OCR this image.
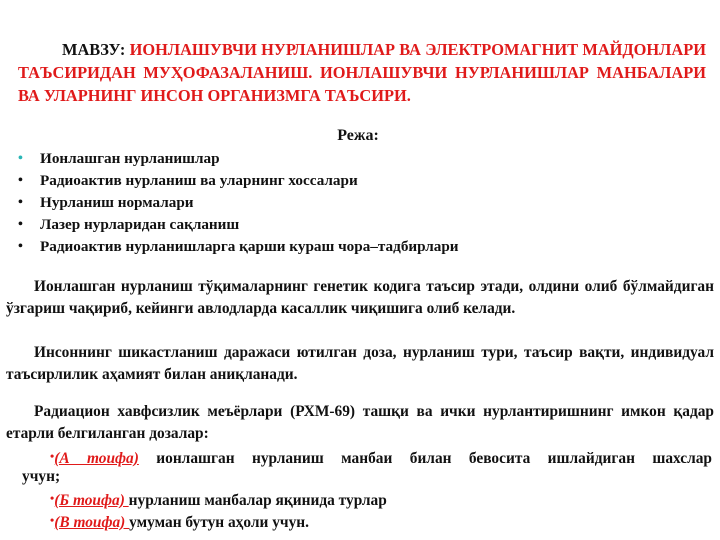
МАВЗУ: ИОНЛАШУВЧИ НУРЛАНИШЛАР ВА ЭЛЕКТРОМАГНИТ МАЙДОНЛАРИ ТАЪСИРИДАН МУҲОФАЗАЛАНИШ. ИОНЛАШУВЧИ НУРЛАНИШЛАР МАНБАЛАРИ ВА УЛАРНИНГ ИНСОН ОРГАНИЗМГА ТАЪСИРИ.
Режа:
• Ионлашган нурланишлар
• Радиоактив нурланиш ва уларнинг хоссалари
• Нурланиш нормалари
• Лазер нурларидан сақланиш
• Радиоактив нурланишларга қарши кураш чора–тадбирлари

Ионлашган нурланиш тўқималарнинг генетик кодига таъсир этади, олдини олиб бўлмайдиган ўзгариш чақириб, кейинги авлодларда касаллик чиқишига олиб келади.

Инсоннинг шикастланиш даражаси ютилган доза, нурланиш тури, таъсир вақти, индивидуал таъсирлилик аҳамият билан аниқланади.

Радиацион хавфсизлик меъёрлари (РХМ-69) ташқи ва ички нурлантиришнинг имкон қадар етарли белгиланган дозалар:

•(А тоифа) ионлашган нурланиш манбаи билан бевосита ишлайдиган шахслар
учун;
•(Б тоифа) нурланиш манбалар яқинида турлар
•(В тоифа) умуман бутун аҳоли учун.
